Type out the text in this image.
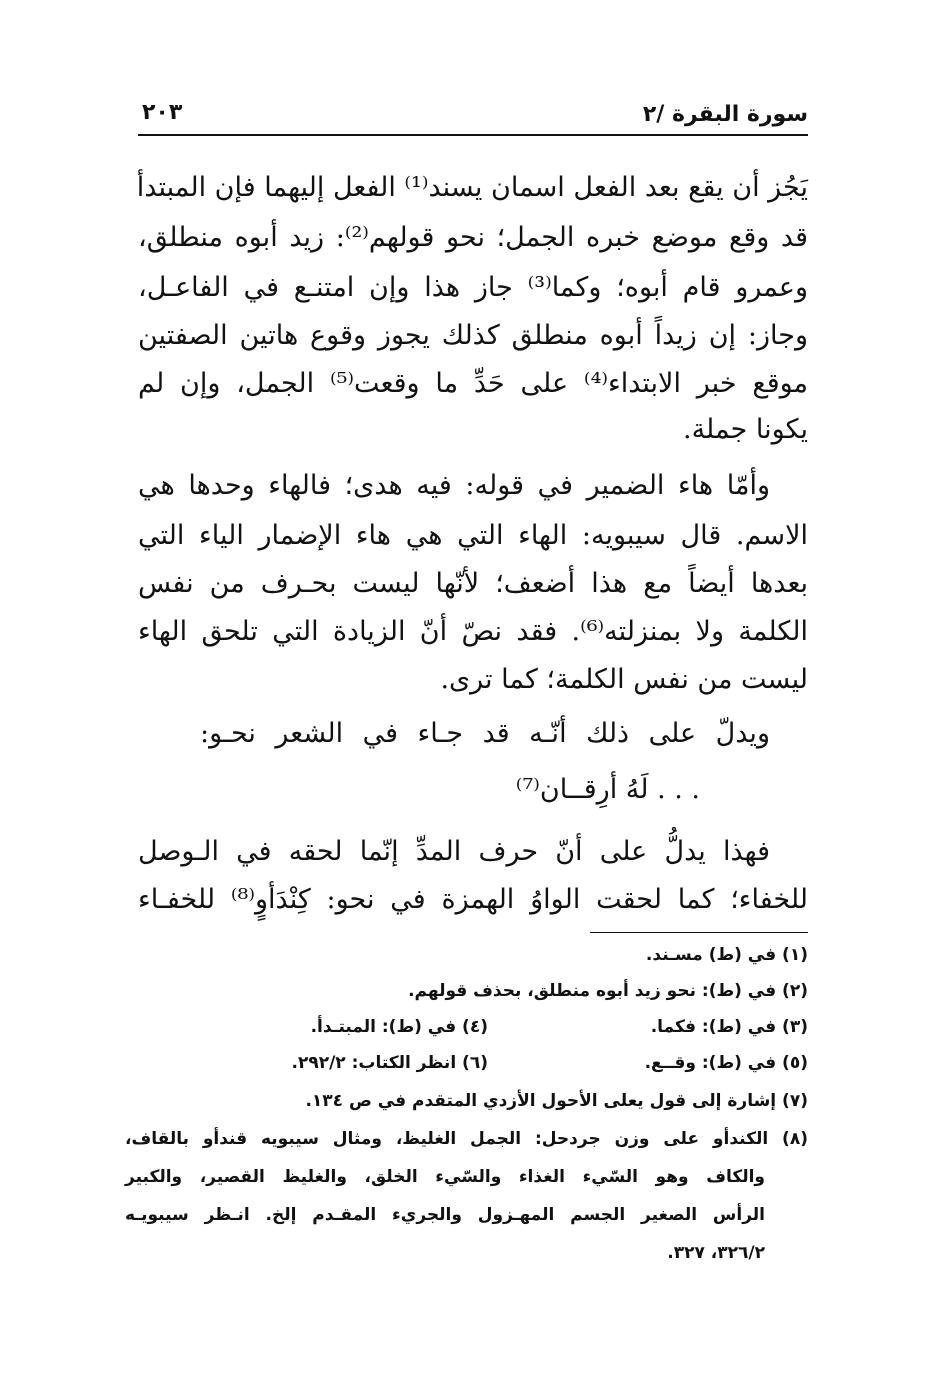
سورة البقرة /٢
٢٠٣
يَجُز أن يقع بعد الفعل اسمان يسند⁽¹⁾ الفعل إليهما فإن المبتدأ
قد وقع موضع خبره الجمل؛ نحو قولهم⁽²⁾: زيد أبوه منطلق،
وعمرو قام أبوه؛ وكما⁽³⁾ جاز هذا وإن امتنـع في الفاعـل،
وجاز: إن زيداً أبوه منطلق كذلك يجوز وقوع هاتين الصفتين
موقع خبر الابتداء⁽⁴⁾ على حَدِّ ما وقعت⁽⁵⁾ الجمل، وإن لم
يكونا جملة.
وأمّا هاء الضمير في قوله: فيه هدى؛ فالهاء وحدها هي
الاسم. قال سيبويه: الهاء التي هي هاء الإضمار الياء التي
بعدها أيضاً مع هذا أضعف؛ لأنّها ليست بحـرف من نفس
الكلمة ولا بمنزلته⁽⁶⁾. فقد نصّ أنّ الزيادة التي تلحق الهاء
ليست من نفس الكلمة؛ كما ترى.
ويدلّ على ذلك أنّـه قد جـاء في الشعر نحـو:
. . . لَهُ أرِقــان⁽⁷⁾
فهذا يدلُّ على أنّ حرف المدِّ إنّما لحقه في الـوصل
للخفاء؛ كما لحقت الواوُ الهمزة في نحو: كِنْدَأوٍ⁽⁸⁾ للخفـاء
(١) في (ط) مسـند.
(٢) في (ط): نحو زيد أبوه منطلق، بحذف قولهم.
(٣) في (ط): فكما.
(٤) في (ط): المبتـدأ.
(٥) في (ط): وقــع.
(٦) انظر الكتاب: ٢٩٢/٢.
(٧) إشارة إلى قول يعلى الأحول الأزدي المتقدم في ص ١٣٤.
(٨) الكندأو على وزن جردحل: الجمل الغليظ، ومثال سيبويه قندأو بالقاف،
والكاف وهو السّيء الغذاء والسّيء الخلق، والغليظ القصير، والكبير
الرأس الصغير الجسم المهـزول والجريء المقـدم إلخ. انـظر سيبويـه
٣٢٦/٢، ٣٢٧.
